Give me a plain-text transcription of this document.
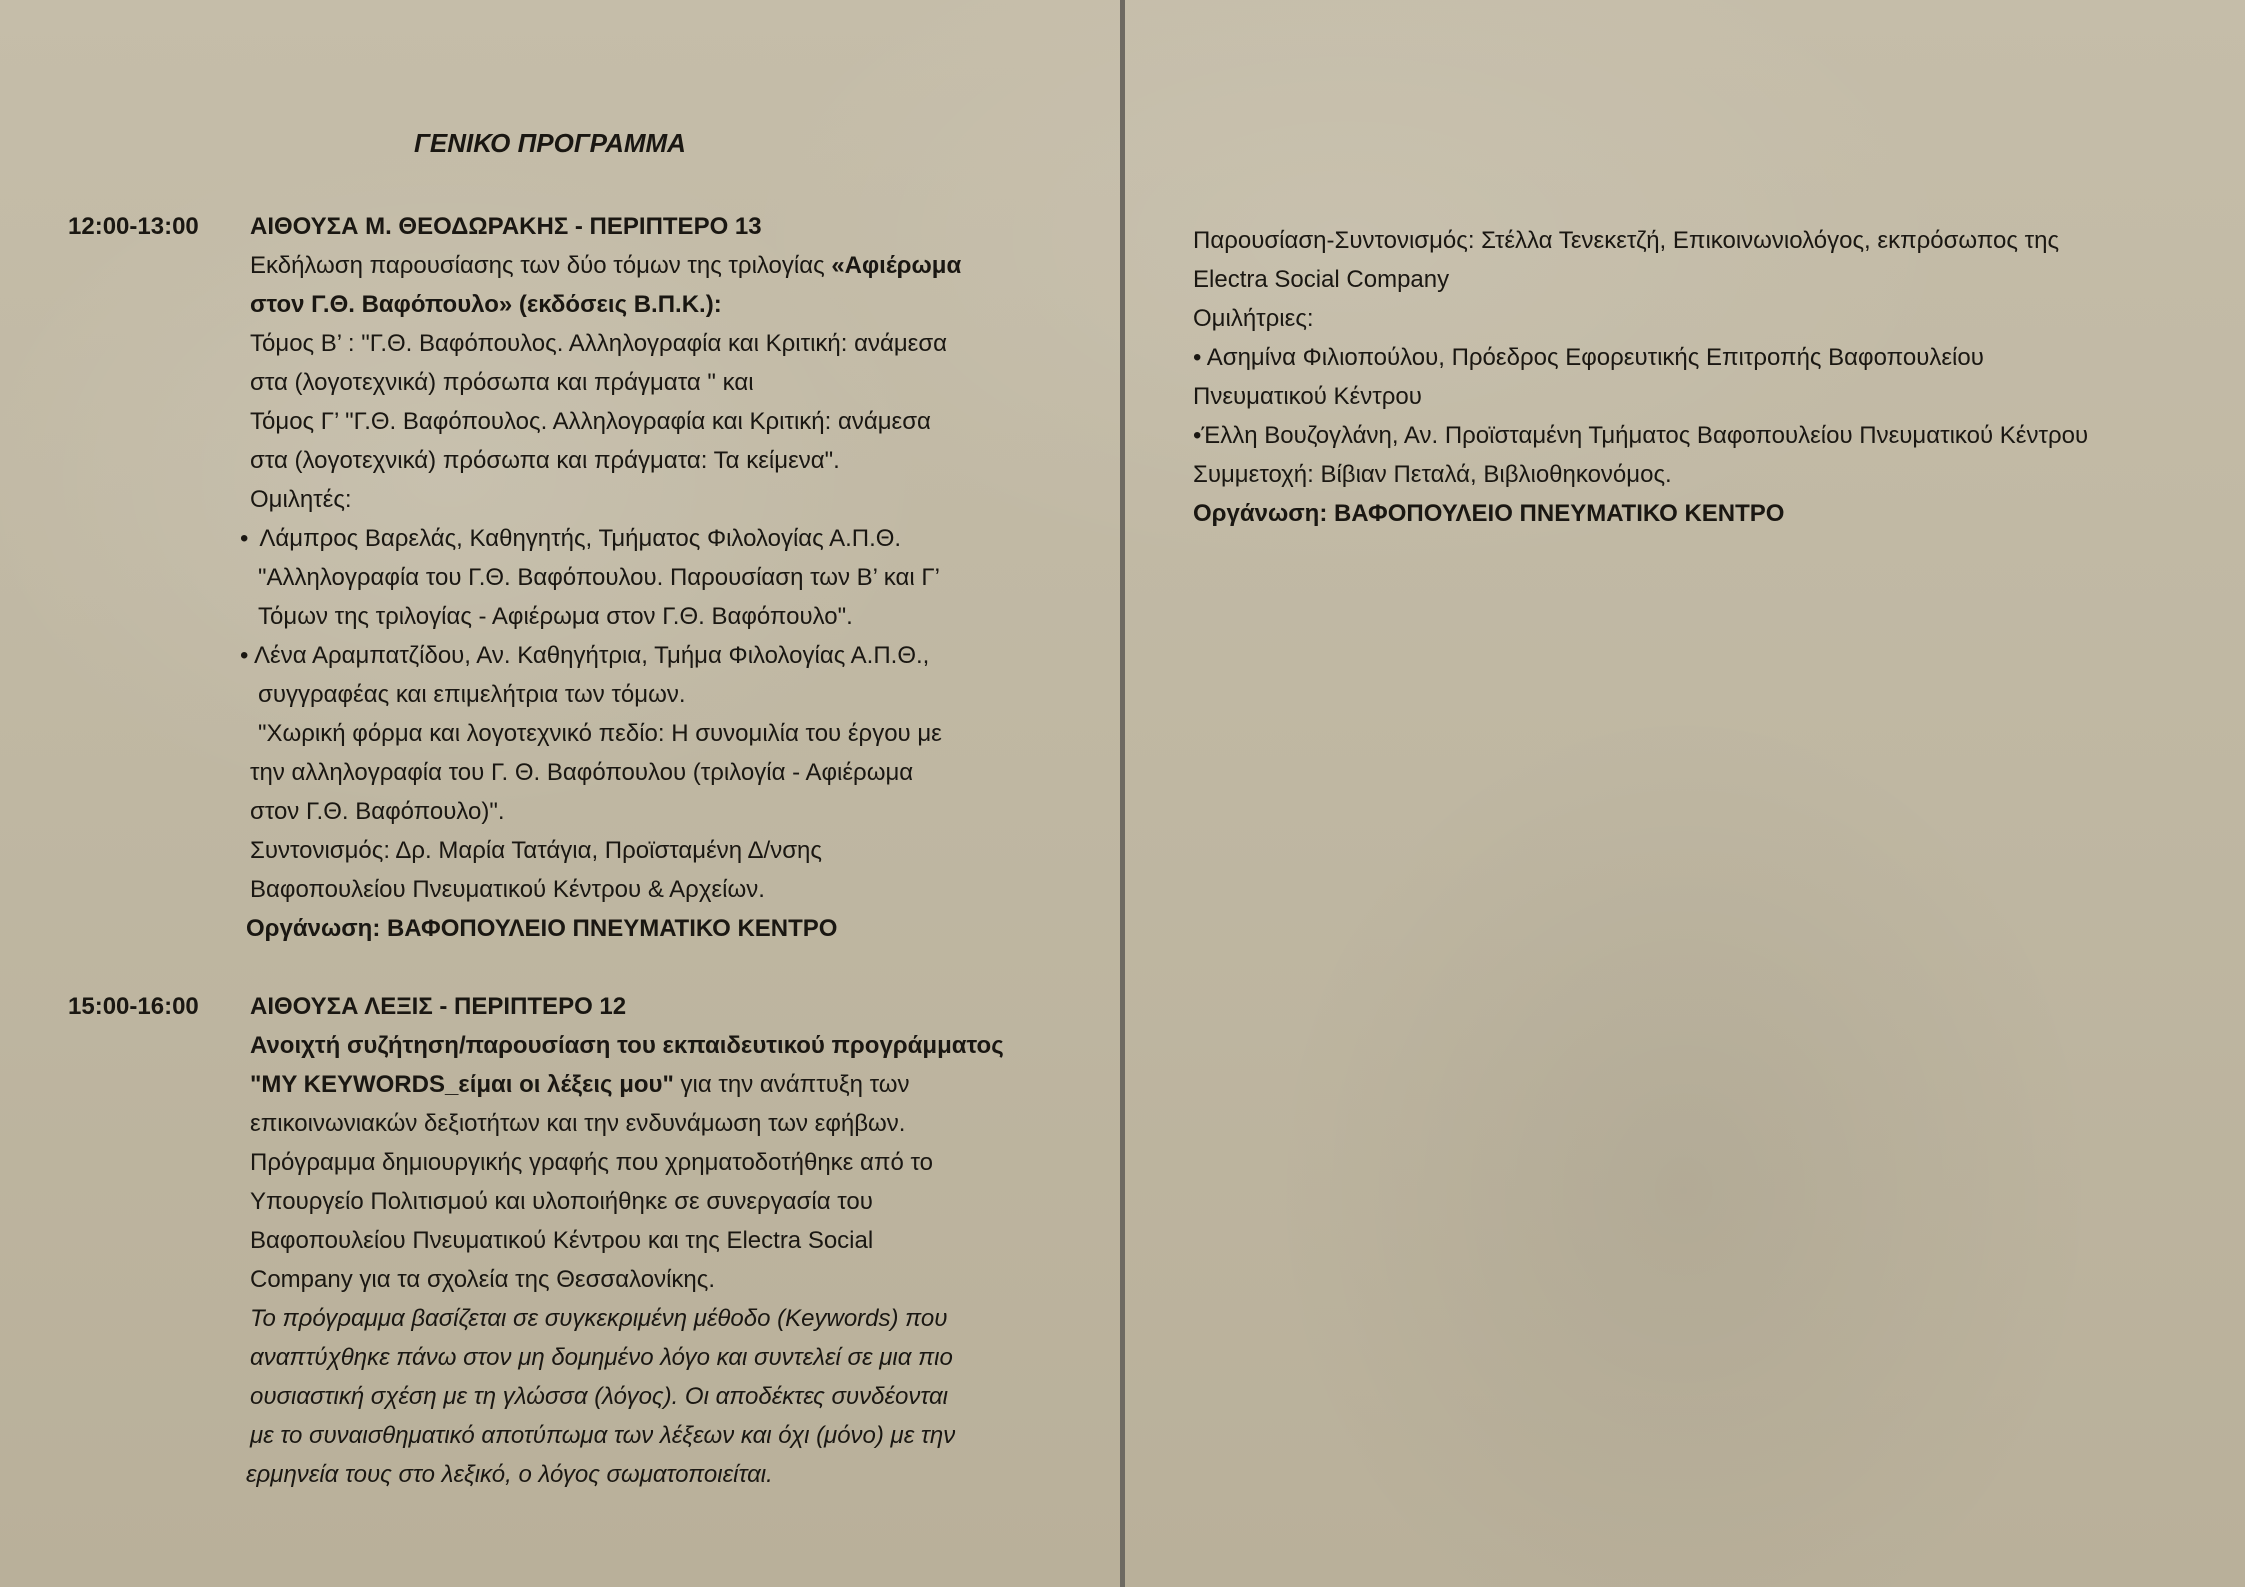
ΓΕΝΙΚΟ ΠΡΟΓΡΑΜΜΑ
12:00-13:00 ΑΙΘΟΥΣΑ Μ. ΘΕΟΔΩΡΑΚΗΣ - ΠΕΡΙΠΤΕΡΟ 13
Εκδήλωση παρουσίασης των δύο τόμων της τριλογίας «Αφιέρωμα
στον Γ.Θ. Βαφόπουλο» (εκδόσεις Β.Π.Κ.):
Τόμος Β’ : "Γ.Θ. Βαφόπουλος. Αλληλογραφία και Κριτική: ανάμεσα
στα (λογοτεχνικά) πρόσωπα και πράγματα " και
Τόμος Γ’ "Γ.Θ. Βαφόπουλος. Αλληλογραφία και Κριτική: ανάμεσα
στα (λογοτεχνικά) πρόσωπα και πράγματα: Τα κείμενα".
Ομιλητές:
• Λάμπρος Βαρελάς, Καθηγητής, Τμήματος Φιλολογίας Α.Π.Θ.
"Αλληλογραφία του Γ.Θ. Βαφόπουλου. Παρουσίαση των Β’ και Γ’
Τόμων της τριλογίας - Αφιέρωμα στον Γ.Θ. Βαφόπουλο".
• Λένα Αραμπατζίδου, Αν. Καθηγήτρια, Τμήμα Φιλολογίας Α.Π.Θ.,
συγγραφέας και επιμελήτρια των τόμων.
"Χωρική φόρμα και λογοτεχνικό πεδίο: Η συνομιλία του έργου με
την αλληλογραφία του Γ. Θ. Βαφόπουλου (τριλογία - Αφιέρωμα
στον Γ.Θ. Βαφόπουλο)".
Συντονισμός: Δρ. Μαρία Τατάγια, Προϊσταμένη Δ/νσης
Βαφοπουλείου Πνευματικού Κέντρου & Αρχείων.
Οργάνωση: ΒΑΦΟΠΟΥΛΕΙΟ ΠΝΕΥΜΑΤΙΚΟ ΚΕΝΤΡΟ
15:00-16:00 ΑΙΘΟΥΣΑ ΛΕΞΙΣ - ΠΕΡΙΠΤΕΡΟ 12
Ανοιχτή συζήτηση/παρουσίαση του εκπαιδευτικού προγράμματος
"MY KEYWORDS_είμαι οι λέξεις μου" για την ανάπτυξη των
επικοινωνιακών δεξιοτήτων και την ενδυνάμωση των εφήβων.
Πρόγραμμα δημιουργικής γραφής που χρηματοδοτήθηκε από το
Υπουργείο Πολιτισμού και υλοποιήθηκε σε συνεργασία του
Βαφοπουλείου Πνευματικού Κέντρου και της Electra Social
Company για τα σχολεία της Θεσσαλονίκης.
Το πρόγραμμα βασίζεται σε συγκεκριμένη μέθοδο (Keywords) που
αναπτύχθηκε πάνω στον μη δομημένο λόγο και συντελεί σε μια πιο
ουσιαστική σχέση με τη γλώσσα (λόγος). Οι αποδέκτες συνδέονται
με το συναισθηματικό αποτύπωμα των λέξεων και όχι (μόνο) με την
ερμηνεία τους στο λεξικό, ο λόγος σωματοποιείται.
Παρουσίαση-Συντονισμός: Στέλλα Τενεκετζή, Επικοινωνιολόγος, εκπρόσωπος της
Electra Social Company
Ομιλήτριες:
• Ασημίνα Φιλιοπούλου, Πρόεδρος Εφορευτικής Επιτροπής Βαφοπουλείου
Πνευματικού Κέντρου
•Έλλη Βουζογλάνη, Αν. Προϊσταμένη Τμήματος Βαφοπουλείου Πνευματικού Κέντρου
Συμμετοχή: Βίβιαν Πεταλά, Βιβλιοθηκονόμος.
Οργάνωση: ΒΑΦΟΠΟΥΛΕΙΟ ΠΝΕΥΜΑΤΙΚΟ ΚΕΝΤΡΟ
